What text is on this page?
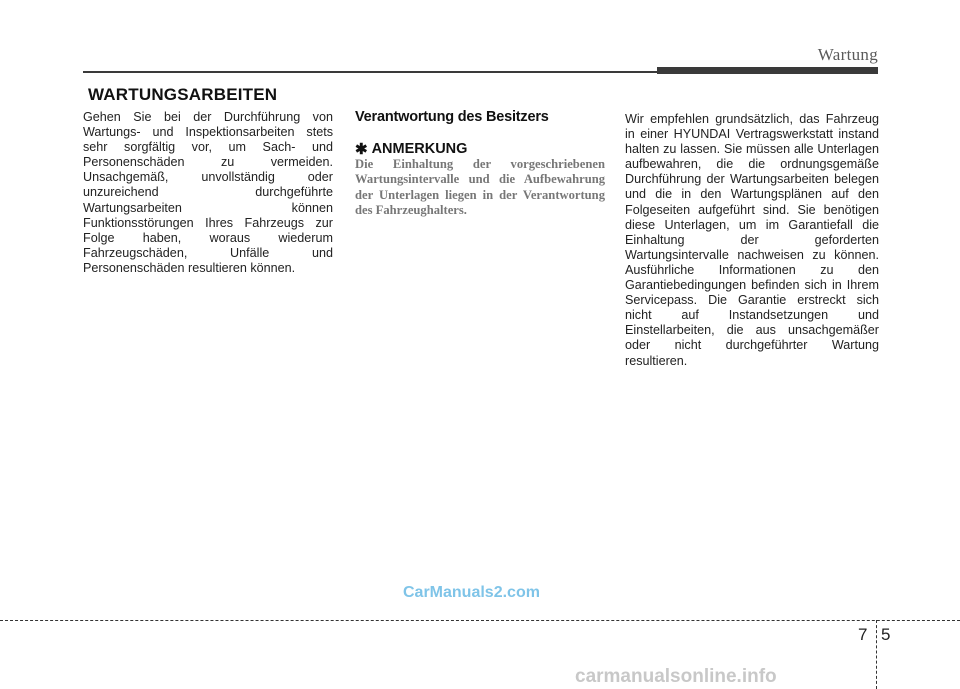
Wartung
WARTUNGSARBEITEN

Gehen Sie bei der Durchführung von Wartungs- und Inspektionsarbeiten stets sehr sorgfältig vor, um Sach- und Personenschäden zu vermeiden. Unsachgemäß, unvollständig oder unzureichend durchgeführte Wartungsarbeiten können Funktionsstörungen Ihres Fahrzeugs zur Folge haben, woraus wiederum Fahrzeugschäden, Unfälle und Personenschäden resultieren können.

Verantwortung des Besitzers

✱ ANMERKUNG

Die Einhaltung der vorgeschriebenen Wartungsintervalle und die Aufbewahrung der Unterlagen liegen in der Verantwortung des Fahrzeughalters.

Wir empfehlen grundsätzlich, das Fahrzeug in einer HYUNDAI Vertragswerkstatt instand halten zu lassen. Sie müssen alle Unterlagen aufbewahren, die die ordnungsgemäße Durchführung der Wartungsarbeiten belegen und die in den Wartungsplänen auf den Folgeseiten aufgeführt sind. Sie benötigen diese Unterlagen, um im Garantiefall die Einhaltung der geforderten Wartungsintervalle nachweisen zu können. Ausführliche Informationen zu den Garantiebedingungen befinden sich in Ihrem Servicepass. Die Garantie erstreckt sich nicht auf Instandsetzungen und Einstellarbeiten, die aus unsachgemäßer oder nicht durchgeführter Wartung resultieren.

CarManuals2.com
7 5
carmanualsonline.info
